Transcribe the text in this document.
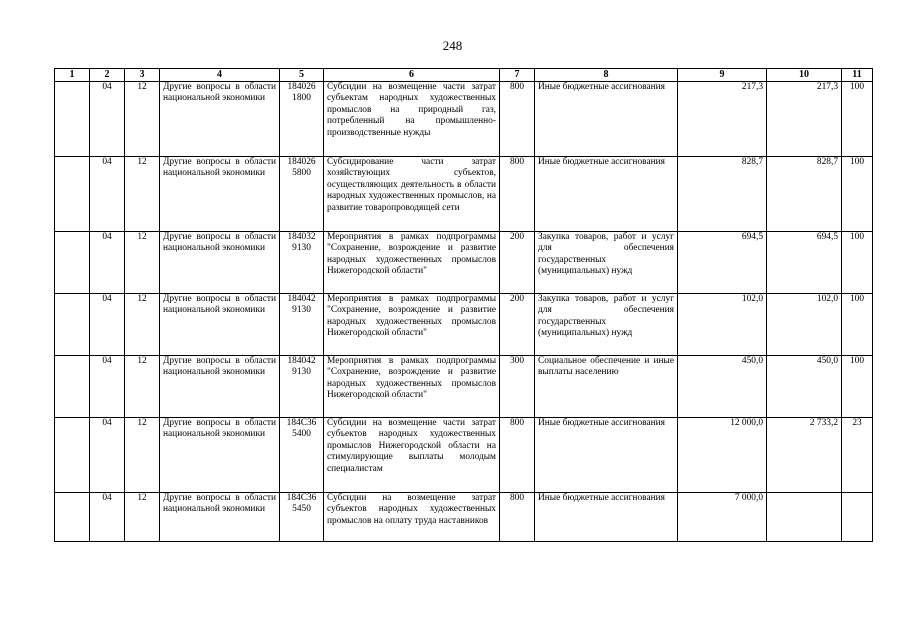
248
1	2	3	4	5	6	7	8	9	10	11
	04	12	Другие вопросы в области национальной экономики	184026 1800	Субсидии на возмещение части затрат субъектам народных художественных промыслов на природный газ, потребленный на промышленно-производственные нужды	800	Иные бюджетные ассигнования	217,3	217,3	100
	04	12	Другие вопросы в области национальной экономики	184026 5800	Субсидирование части затрат хозяйствующих субъектов, осуществляющих деятельность в области народных художественных промыслов, на развитие товаропроводящей сети	800	Иные бюджетные ассигнования	828,7	828,7	100
	04	12	Другие вопросы в области национальной экономики	184032 9130	Мероприятия в рамках подпрограммы "Сохранение, возрождение и развитие народных художественных промыслов Нижегородской области"	200	Закупка товаров, работ и услуг для обеспечения государственных (муниципальных) нужд	694,5	694,5	100
	04	12	Другие вопросы в области национальной экономики	184042 9130	Мероприятия в рамках подпрограммы "Сохранение, возрождение и развитие народных художественных промыслов Нижегородской области"	200	Закупка товаров, работ и услуг для обеспечения государственных (муниципальных) нужд	102,0	102,0	100
	04	12	Другие вопросы в области национальной экономики	184042 9130	Мероприятия в рамках подпрограммы "Сохранение, возрождение и развитие народных художественных промыслов Нижегородской области"	300	Социальное обеспечение и иные выплаты населению	450,0	450,0	100
	04	12	Другие вопросы в области национальной экономики	184С36 5400	Субсидии на возмещение части затрат субъектов народных художественных промыслов Нижегородской области на стимулирующие выплаты молодым специалистам	800	Иные бюджетные ассигнования	12 000,0	2 733,2	23
	04	12	Другие вопросы в области национальной экономики	184С36 5450	Субсидии на возмещение затрат субъектов народных художественных промыслов на оплату труда наставников	800	Иные бюджетные ассигнования	7 000,0		
